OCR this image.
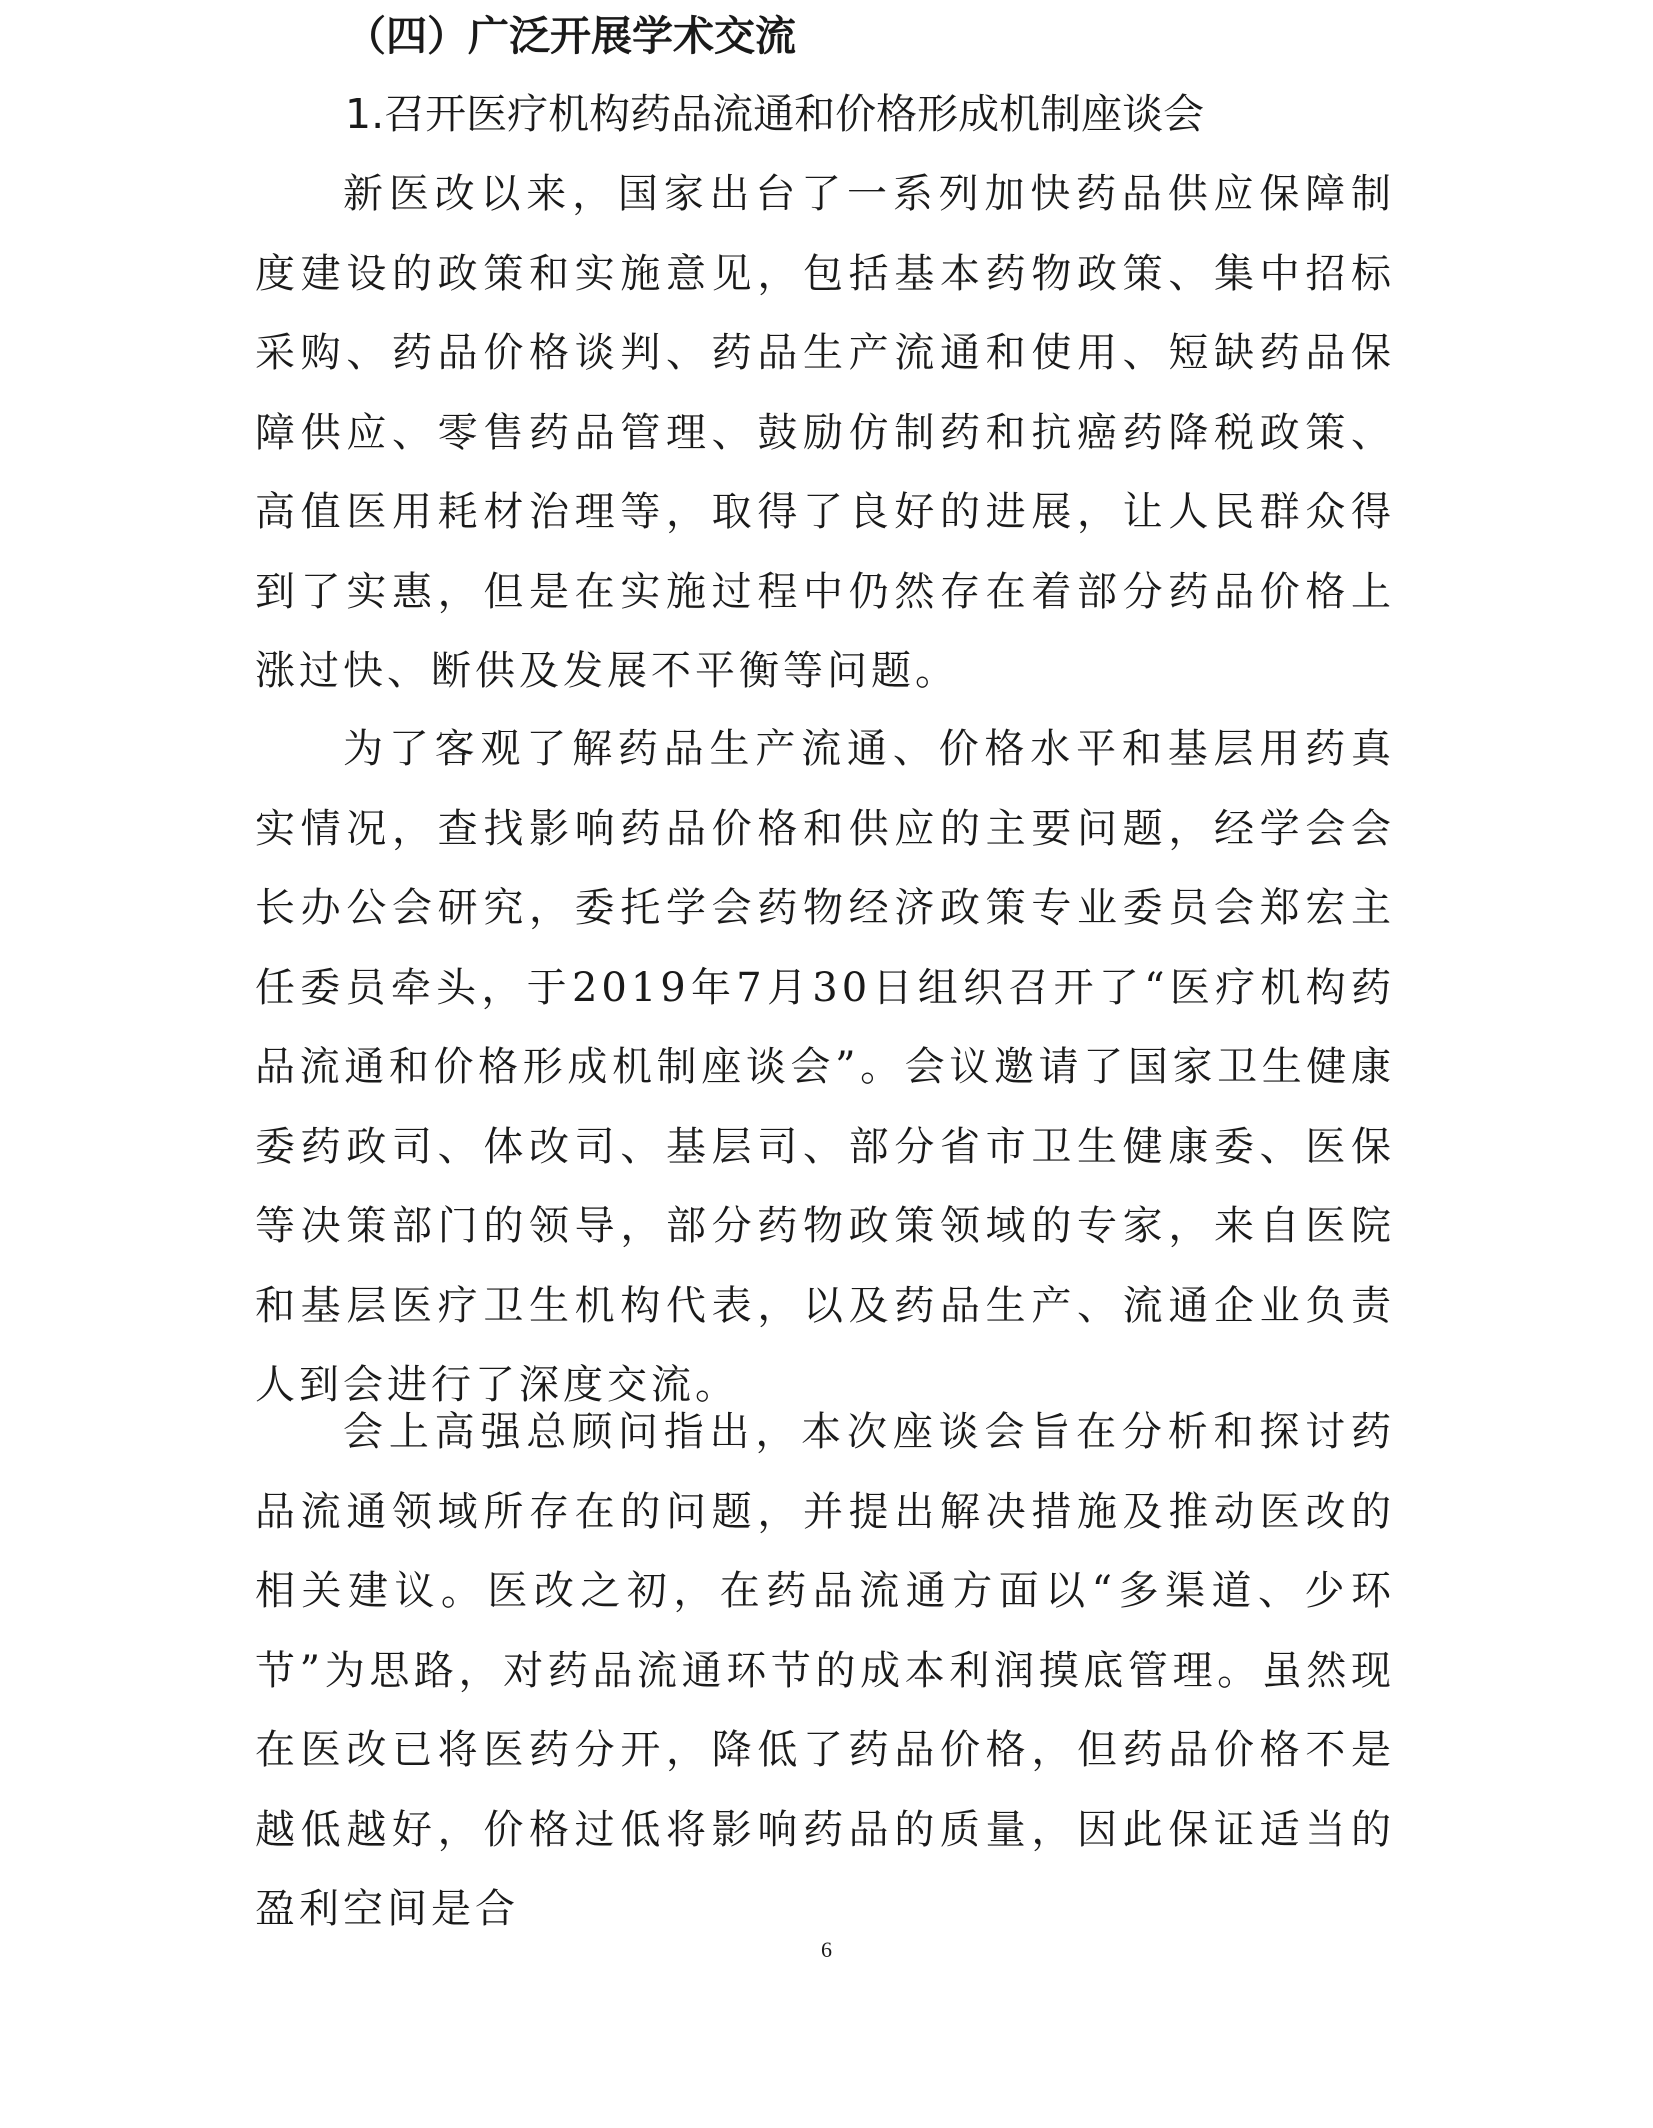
（四）广泛开展学术交流
1.召开医疗机构药品流通和价格形成机制座谈会

新医改以来，国家出台了一系列加快药品供应保障制度建设的政策和实施意见，包括基本药物政策、集中招标采购、药品价格谈判、药品生产流通和使用、短缺药品保障供应、零售药品管理、鼓励仿制药和抗癌药降税政策、高值医用耗材治理等，取得了良好的进展，让人民群众得到了实惠，但是在实施过程中仍然存在着部分药品价格上涨过快、断供及发展不平衡等问题。

为了客观了解药品生产流通、价格水平和基层用药真实情况，查找影响药品价格和供应的主要问题，经学会会长办公会研究，委托学会药物经济政策专业委员会郑宏主任委员牵头，于2019年7月30日组织召开了“医疗机构药品流通和价格形成机制座谈会”。会议邀请了国家卫生健康委药政司、体改司、基层司、部分省市卫生健康委、医保等决策部门的领导，部分药物政策领域的专家，来自医院和基层医疗卫生机构代表，以及药品生产、流通企业负责人到会进行了深度交流。

会上高强总顾问指出，本次座谈会旨在分析和探讨药品流通领域所存在的问题，并提出解决措施及推动医改的相关建议。医改之初，在药品流通方面以“多渠道、少环节”为思路，对药品流通环节的成本利润摸底管理。虽然现在医改已将医药分开，降低了药品价格，但药品价格不是越低越好，价格过低将影响药品的质量，因此保证适当的盈利空间是合

6
